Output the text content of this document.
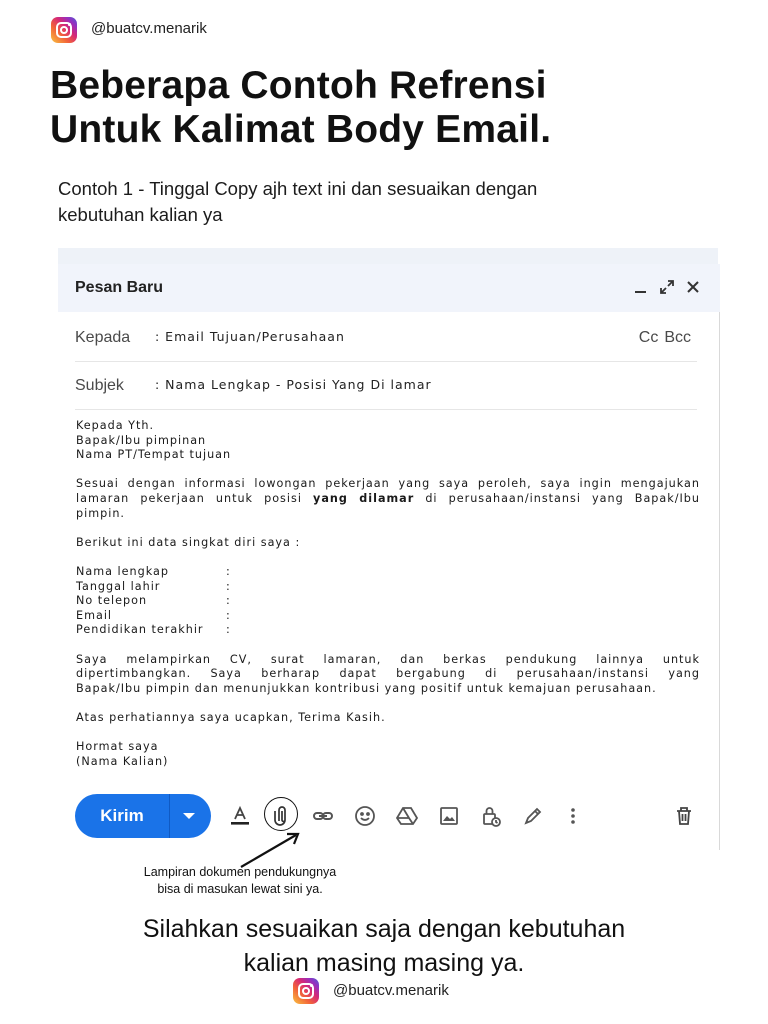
@buatcv.menarik
Beberapa Contoh Refrensi
Untuk Kalimat Body Email.
Contoh 1 - Tinggal Copy ajh text ini dan sesuaikan dengan
kebutuhan kalian ya
Pesan Baru
Kepada : Email Tujuan/Perusahaan	Cc Bcc
Subjek : Nama Lengkap - Posisi Yang Di lamar
Kepada Yth.
Bapak/Ibu pimpinan
Nama PT/Tempat tujuan

Sesuai dengan informasi lowongan pekerjaan yang saya peroleh, saya ingin mengajukan
lamaran pekerjaan untuk posisi yang dilamar di perusahaan/instansi yang Bapak/Ibu
pimpin.

Berikut ini data singkat diri saya :

Nama lengkap	:
Tanggal lahir	:
No telepon	:
Email	:
Pendidikan terakhir	:

Saya melampirkan CV, surat lamaran, dan berkas pendukung lainnya untuk
dipertimbangkan. Saya berharap dapat bergabung di perusahaan/instansi yang
Bapak/Ibu pimpin dan menunjukkan kontribusi yang positif untuk kemajuan perusahaan.

Atas perhatiannya saya ucapkan, Terima Kasih.

Hormat saya
(Nama Kalian)
Kirim
Lampiran dokumen pendukungnya
bisa di masukan lewat sini ya.
Silahkan sesuaikan saja dengan kebutuhan
kalian masing masing ya.
@buatcv.menarik
